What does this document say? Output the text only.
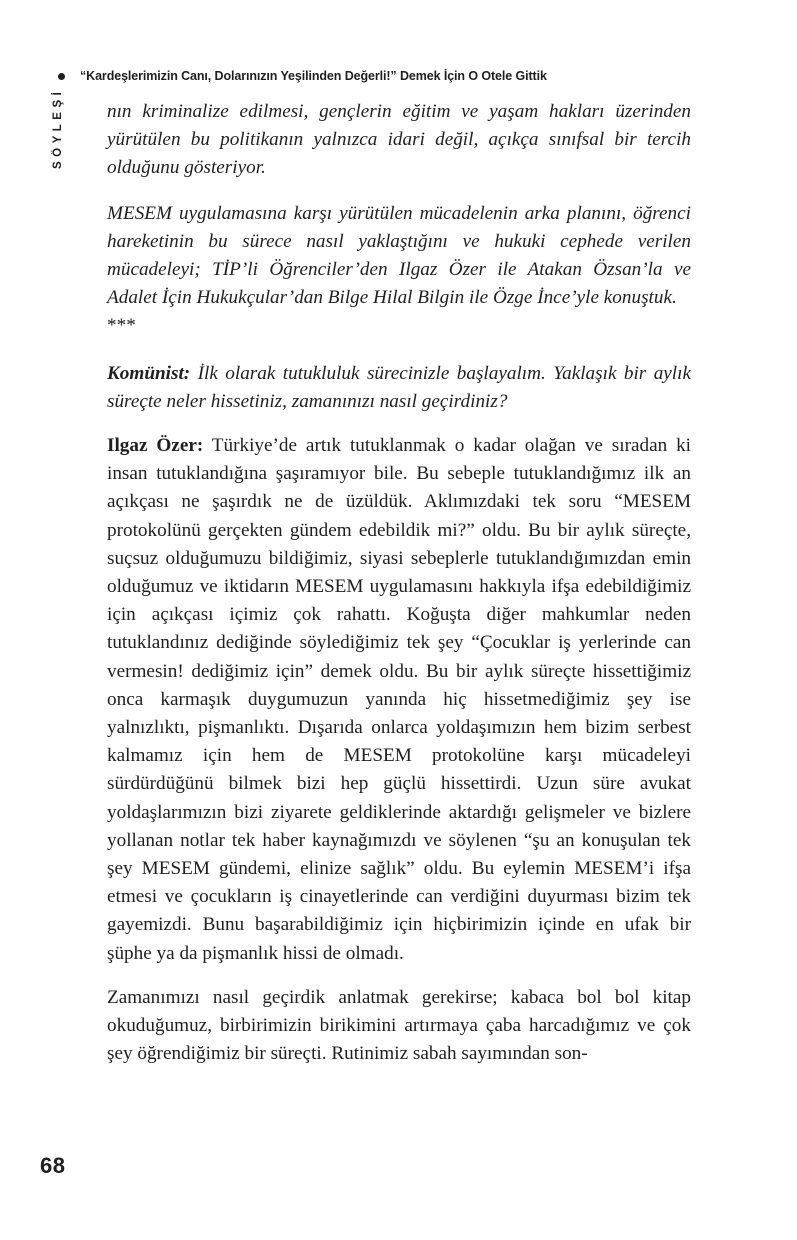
“Kardeşlerimizin Canı, Dolarınızın Yeşilinden Değerli!” Demek İçin O Otele Gittik
SÖYLEŞİ	nın kriminalize edilmesi, gençlerin eğitim ve yaşam hakları üzerinden yürütülen bu politikanın yalnızca idari değil, açıkça sınıfsal bir tercih olduğunu gösteriyor.

MESEM uygulamasına karşı yürütülen mücadelenin arka planını, öğrenci hareketinin bu sürece nasıl yaklaştığını ve hukuki cephede verilen mücadeleyi; TİP’li Öğrenciler’den Ilgaz Özer ile Atakan Özsan’la ve Adalet İçin Hukukçular’dan Bilge Hilal Bilgin ile Özge İnce’yle konuştuk.

***

Komünist: İlk olarak tutukluluk sürecinizle başlayalım. Yaklaşık bir aylık süreçte neler hissetiniz, zamanınızı nasıl geçirdiniz?

Ilgaz Özer: Türkiye’de artık tutuklanmak o kadar olağan ve sıradan ki insan tutuklandığına şaşıramıyor bile. Bu sebeple tutuklandığımız ilk an açıkçası ne şaşırdık ne de üzüldük. Aklımızdaki tek soru “MESEM protokolünü gerçekten gündem edebildik mi?” oldu. Bu bir aylık süreçte, suçsuz olduğumuzu bildiğimiz, siyasi sebeplerle tutuklandığımızdan emin olduğumuz ve iktidarın MESEM uygulamasını hakkıyla ifşa edebildiğimiz için açıkçası içimiz çok rahattı. Koğuşta diğer mahkumlar neden tutuklandınız dediğinde söylediğimiz tek şey “Çocuklar iş yerlerinde can vermesin! dediğimiz için” demek oldu. Bu bir aylık süreçte hissettiğimiz onca karmaşık duygumuzun yanında hiç hissetmediğimiz şey ise yalnızlıktı, pişmanlıktı. Dışarıda onlarca yoldaşımızın hem bizim serbest kalmamız için hem de MESEM protokolüne karşı mücadeleyi sürdürdüğünü bilmek bizi hep güçlü hissettirdi. Uzun süre avukat yoldaşlarımızın bizi ziyarete geldiklerinde aktardığı gelişmeler ve bizlere yollanan notlar tek haber kaynağımızdı ve söylenen “şu an konuşulan tek şey MESEM gündemi, elinize sağlık” oldu. Bu eylemin MESEM’i ifşa etmesi ve çocukların iş cinayetlerinde can verdiğini duyurması bizim tek gayemizdi. Bunu başarabildiğimiz için hiçbirimizin içinde en ufak bir şüphe ya da pişmanlık hissi de olmadı.

Zamanımızı nasıl geçirdik anlatmak gerekirse; kabaca bol bol kitap okuduğumuz, birbirimizin birikimini artırmaya çaba harcadığımız ve çok şey öğrendiğimiz bir süreçti. Rutinimiz sabah sayımından son-

68
